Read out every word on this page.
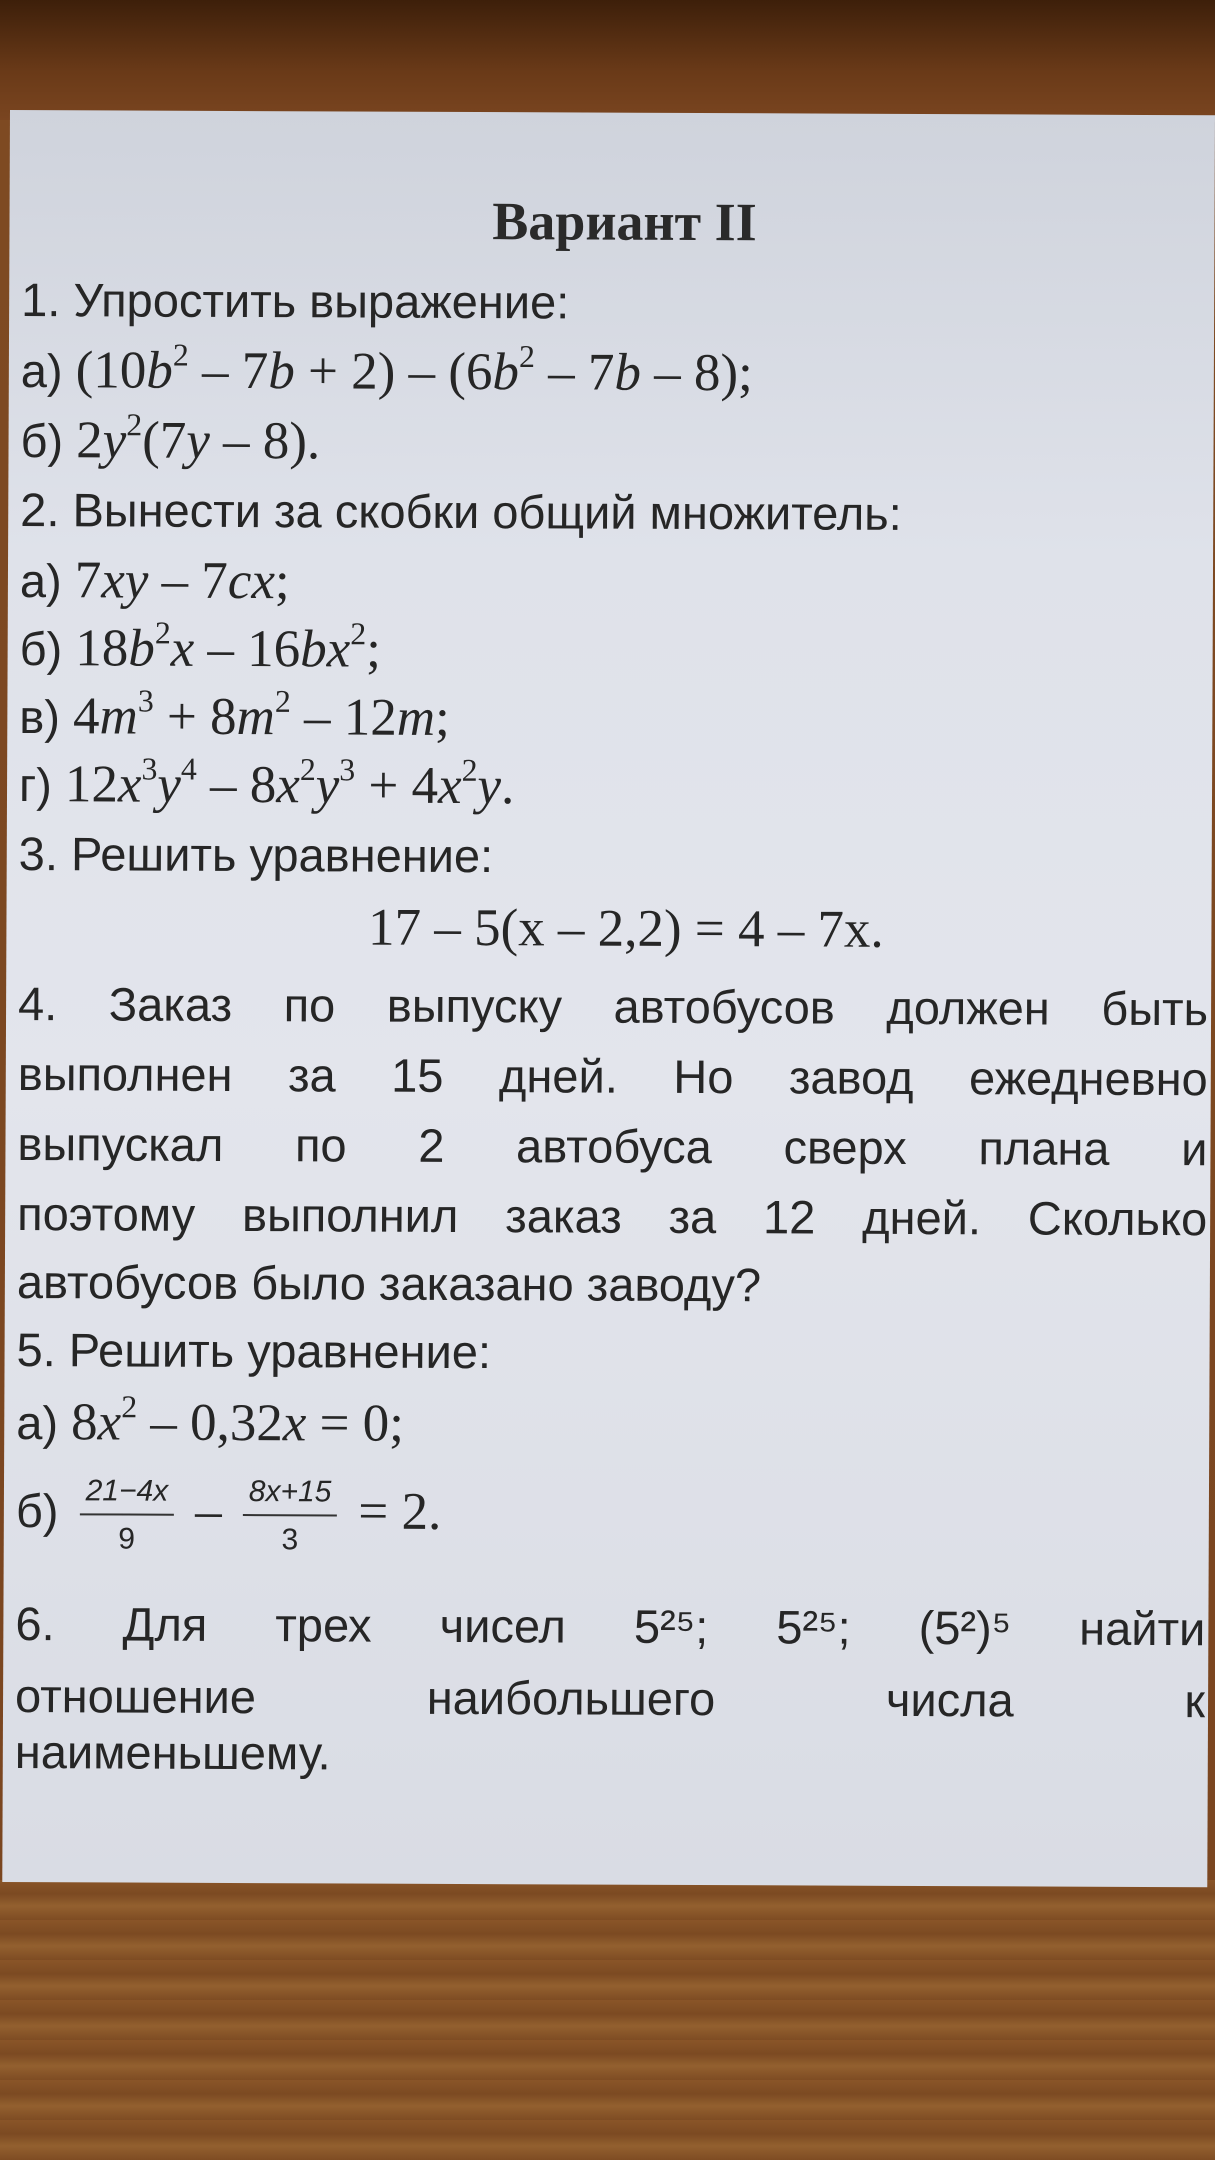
Вариант II
1. Упростить выражение:
а) $(10b^2 - 7b + 2) - (6b^2 - 7b - 8)$;
б) $2y^2(7y - 8)$.
2. Вынести за скобки общий множитель:
а) 7xy – 7cx;
б) $18b^2x - 16bx^2$;
в) $4m^3 + 8m^2 - 12m$;
г) $12x^3y^4 - 8x^2y^3 + 4x^2y$.
3. Решить уравнение:
17 – 5(x – 2,2) = 4 – 7x.
4. Заказ по выпуску автобусов должен быть
выполнен за 15 дней. Но завод ежедневно
выпускал по 2 автобуса сверх плана и
поэтому выполнил заказ за 12 дней. Сколько
автобусов было заказано заводу?
5. Решить уравнение:
а) $8x^2 - 0,32x = 0$;
$б) \frac{21-4x}{9} - \frac{8x+15}{3} = 2$.
6. Для трех чисел 5²⁵; 5²⁵; (5²)⁵ найти
отношение наибольшего числа к
наименьшему.
